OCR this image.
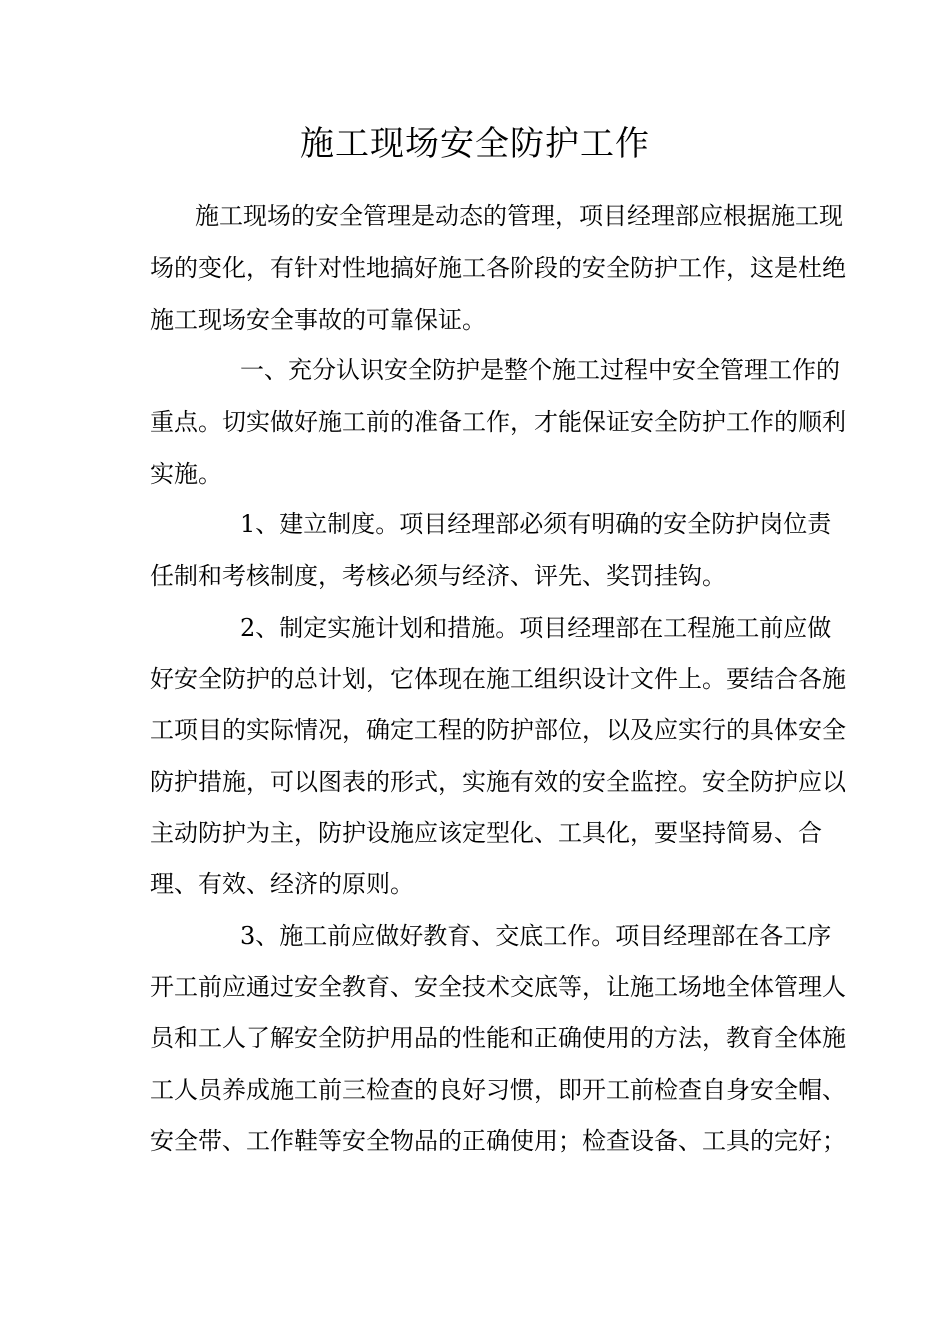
施工现场安全防护工作

施工现场的安全管理是动态的管理，项目经理部应根据施工现

场的变化，有针对性地搞好施工各阶段的安全防护工作，这是杜绝

施工现场安全事故的可靠保证。

一、充分认识安全防护是整个施工过程中安全管理工作的

重点。切实做好施工前的准备工作，才能保证安全防护工作的顺利

实施。

1、建立制度。项目经理部必须有明确的安全防护岗位责

任制和考核制度，考核必须与经济、评先、奖罚挂钩。

2、制定实施计划和措施。项目经理部在工程施工前应做

好安全防护的总计划，它体现在施工组织设计文件上。要结合各施

工项目的实际情况，确定工程的防护部位，以及应实行的具体安全

防护措施，可以图表的形式，实施有效的安全监控。安全防护应以

主动防护为主，防护设施应该定型化、工具化，要坚持简易、合

理、有效、经济的原则。

3、施工前应做好教育、交底工作。项目经理部在各工序

开工前应通过安全教育、安全技术交底等，让施工场地全体管理人

员和工人了解安全防护用品的性能和正确使用的方法，教育全体施

工人员养成施工前三检查的良好习惯，即开工前检查自身安全帽、

安全带、工作鞋等安全物品的正确使用；检查设备、工具的完好；
